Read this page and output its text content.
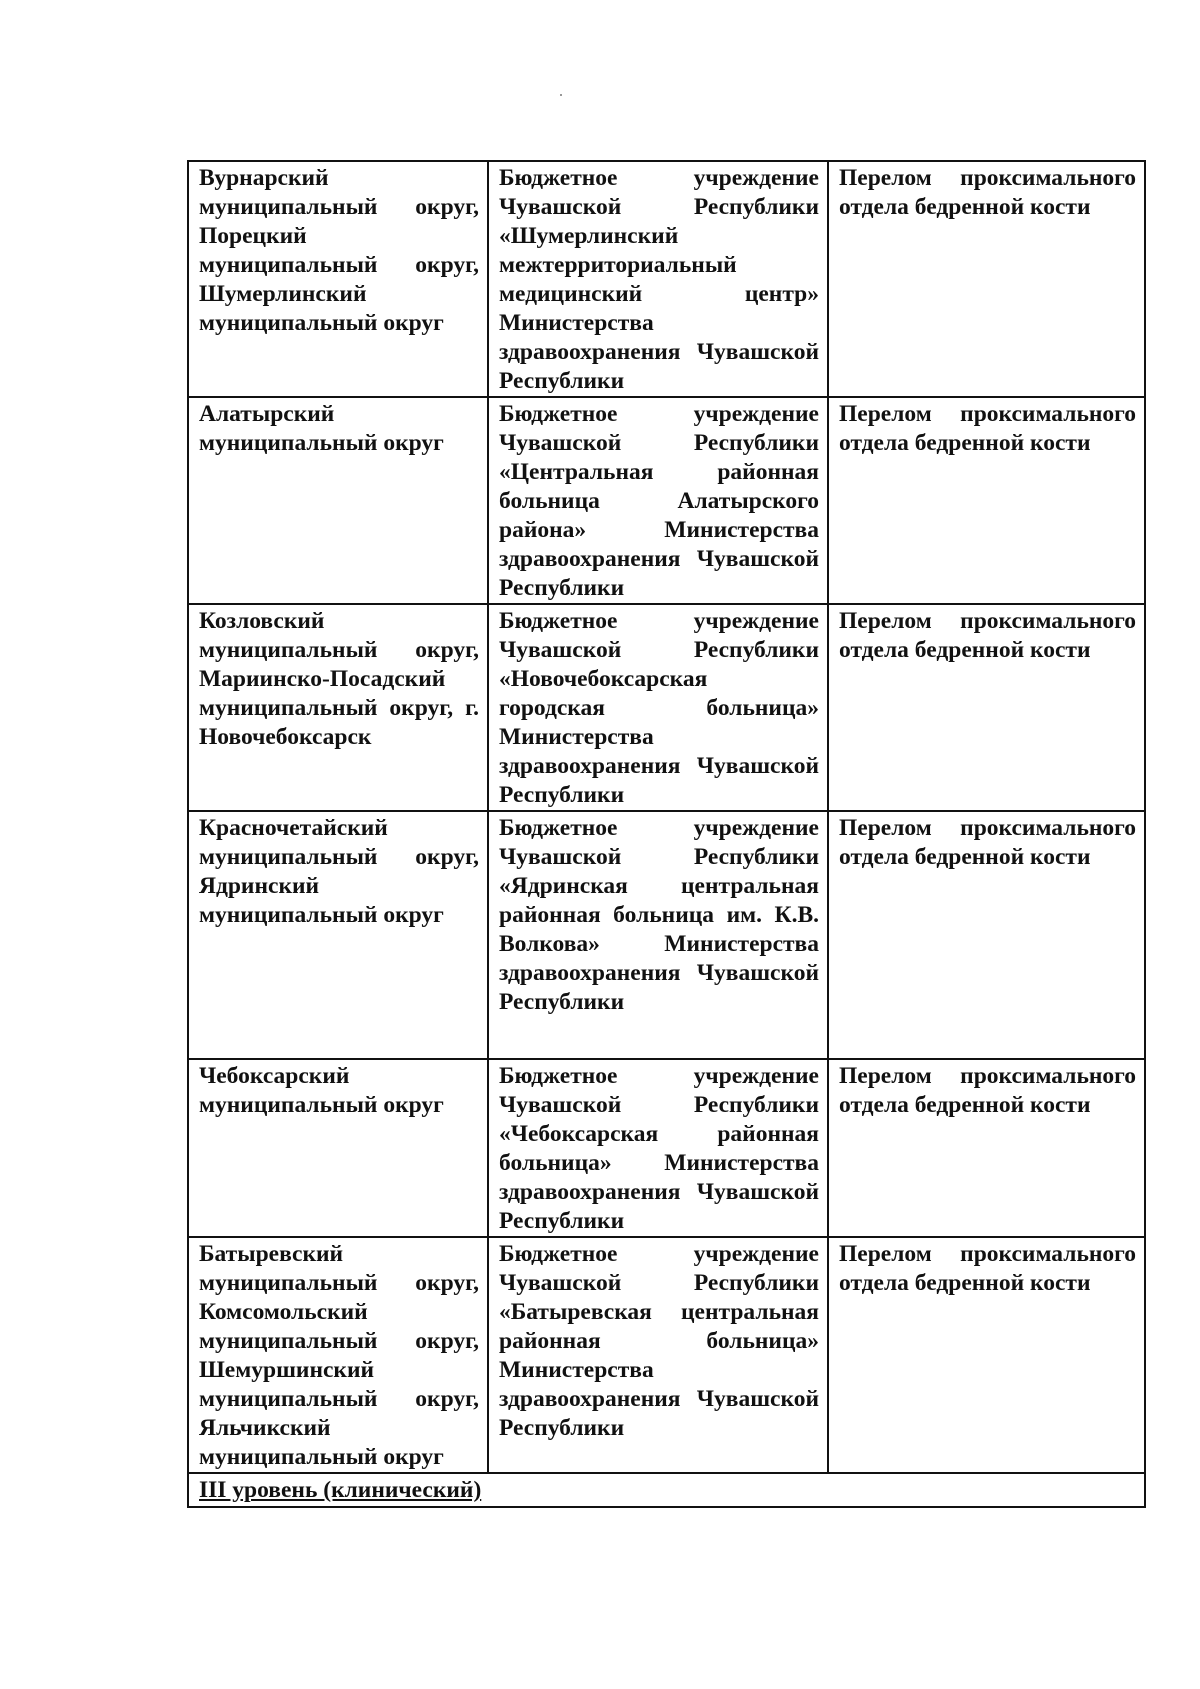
Вурнарский муниципальный округ, Порецкий муниципальный округ, Шумерлинский муниципальный округ	Бюджетное учреждение Чувашской Республики «Шумерлинский межтерриториальный медицинский центр» Министерства здравоохранения Чувашской Республики	Перелом проксимального отдела бедренной кости
Алатырский муниципальный округ	Бюджетное учреждение Чувашской Республики «Центральная районная больница Алатырского района» Министерства здравоохранения Чувашской Республики	Перелом проксимального отдела бедренной кости
Козловский муниципальный округ, Мариинско-Посадский муниципальный округ, г. Новочебоксарск	Бюджетное учреждение Чувашской Республики «Новочебоксарская городская больница» Министерства здравоохранения Чувашской Республики	Перелом проксимального отдела бедренной кости
Красночетайский муниципальный округ, Ядринский муниципальный округ	Бюджетное учреждение Чувашской Республики «Ядринская центральная районная больница им. К.В. Волкова» Министерства здравоохранения Чувашской Республики	Перелом проксимального отдела бедренной кости
Чебоксарский муниципальный округ	Бюджетное учреждение Чувашской Республики «Чебоксарская районная больница» Министерства здравоохранения Чувашской Республики	Перелом проксимального отдела бедренной кости
Батыревский муниципальный округ, Комсомольский муниципальный округ, Шемуршинский муниципальный округ, Яльчикский муниципальный округ	Бюджетное учреждение Чувашской Республики «Батыревская центральная районная больница» Министерства здравоохранения Чувашской Республики	Перелом проксимального отдела бедренной кости
III уровень (клинический)		
